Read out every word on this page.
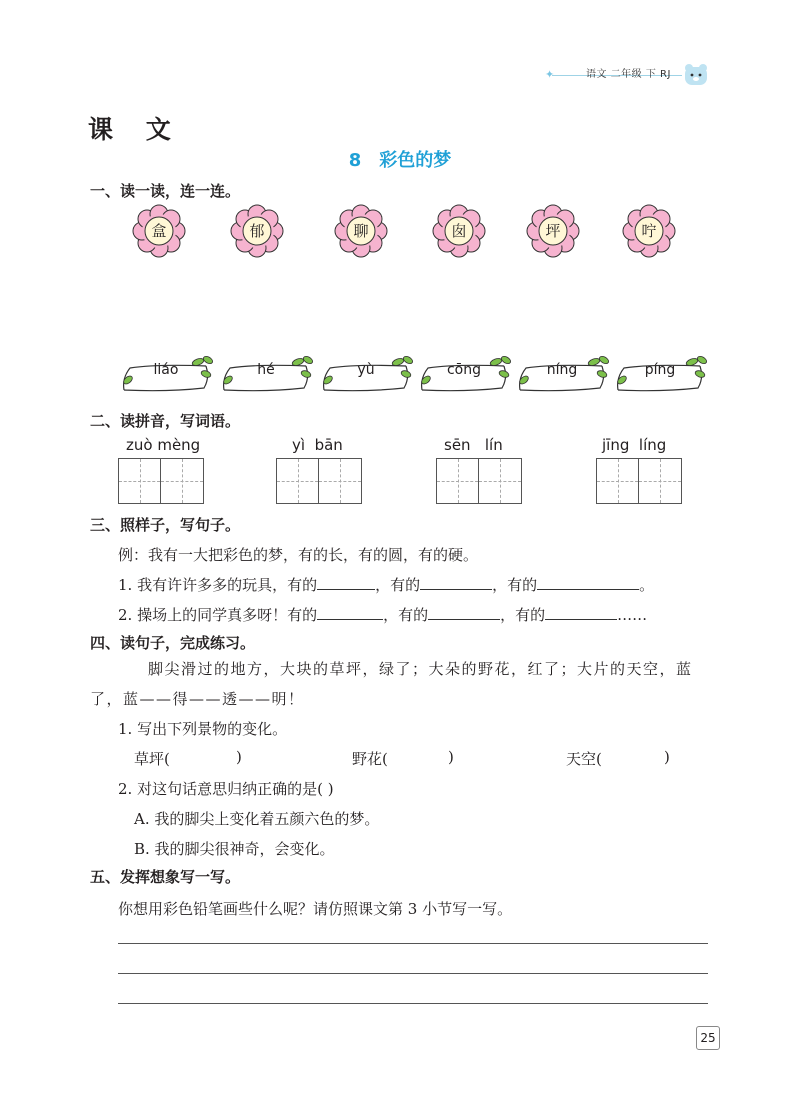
✦	语文 二年级 下 RJ
课 文
8 彩色的梦
一、读一读，连一连。
盒	郁	聊	囱	坪	咛
liáo	hé	yù	cōng	níng	píng
二、读拼音，写词语。
zuò mèng	yì  bān	sēn   lín	jīng  líng
三、照样子，写句子。
例：我有一大把彩色的梦，有的长，有的圆，有的硬。
1. 我有许许多多的玩具，有的	，有的	，有的	。
2. 操场上的同学真多呀！有的	，有的	，有的	……
四、读句子，完成练习。
脚尖滑过的地方，大块的草坪，绿了；大朵的野花，红了；大片的天空，蓝
了，蓝——得——透——明！
1. 写出下列景物的变化。
草坪(	)	野花(	)	天空(	)
2. 对这句话意思归纳正确的是( )
A. 我的脚尖上变化着五颜六色的梦。
B. 我的脚尖很神奇，会变化。
五、发挥想象写一写。
你想用彩色铅笔画些什么呢？请仿照课文第 3 小节写一写。
25
